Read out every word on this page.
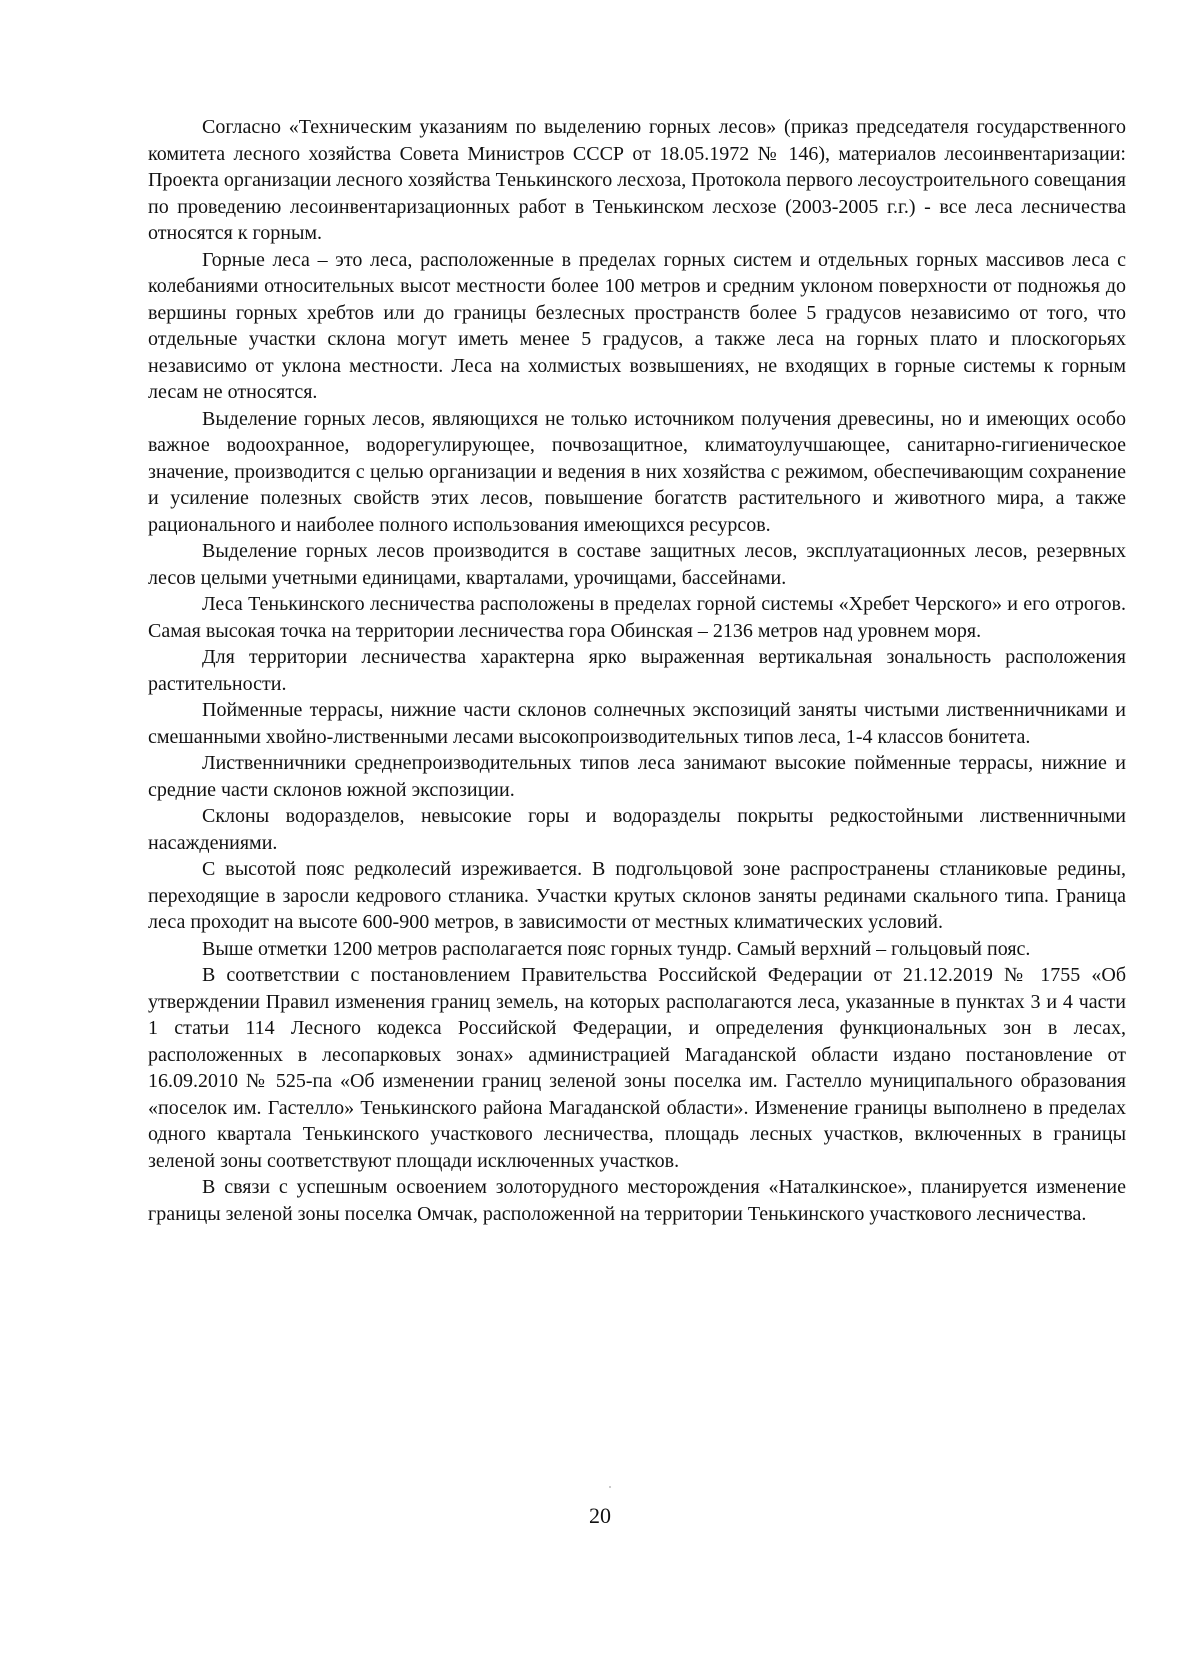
Согласно «Техническим указаниям по выделению горных лесов» (приказ председателя государственного комитета лесного хозяйства Совета Министров СССР от 18.05.1972 № 146), материалов лесоинвентаризации: Проекта организации лесного хозяйства Тенькинского лесхоза, Протокола первого лесоустроительного совещания по проведению лесоинвентаризационных работ в Тенькинском лесхозе (2003-2005 г.г.) - все леса лесничества относятся к горным.

Горные леса – это леса, расположенные в пределах горных систем и отдельных горных массивов леса с колебаниями относительных высот местности более 100 метров и средним уклоном поверхности от подножья до вершины горных хребтов или до границы безлесных пространств более 5 градусов независимо от того, что отдельные участки склона могут иметь менее 5 градусов, а также леса на горных плато и плоскогорьях независимо от уклона местности. Леса на холмистых возвышениях, не входящих в горные системы к горным лесам не относятся.

Выделение горных лесов, являющихся не только источником получения древесины, но и имеющих особо важное водоохранное, водорегулирующее, почвозащитное, климатоулучшающее, санитарно-гигиеническое значение, производится с целью организации и ведения в них хозяйства с режимом, обеспечивающим сохранение и усиление полезных свойств этих лесов, повышение богатств растительного и животного мира, а также рационального и наиболее полного использования имеющихся ресурсов.

Выделение горных лесов производится в составе защитных лесов, эксплуатационных лесов, резервных лесов целыми учетными единицами, кварталами, урочищами, бассейнами.

Леса Тенькинского лесничества расположены в пределах горной системы «Хребет Черского» и его отрогов. Самая высокая точка на территории лесничества гора Обинская – 2136 метров над уровнем моря.

Для территории лесничества характерна ярко выраженная вертикальная зональность расположения растительности.

Пойменные террасы, нижние части склонов солнечных экспозиций заняты чистыми лиственничниками и смешанными хвойно-лиственными лесами высокопроизводительных типов леса, 1-4 классов бонитета.

Лиственничники среднепроизводительных типов леса занимают высокие пойменные террасы, нижние и средние части склонов южной экспозиции.

Склоны водоразделов, невысокие горы и водоразделы покрыты редкостойными лиственничными насаждениями.

С высотой пояс редколесий изреживается. В подгольцовой зоне распространены стланиковые редины, переходящие в заросли кедрового стланика. Участки крутых склонов заняты рединами скального типа. Граница леса проходит на высоте 600-900 метров, в зависимости от местных климатических условий.

Выше отметки 1200 метров располагается пояс горных тундр. Самый верхний – гольцовый пояс.

В соответствии с постановлением Правительства Российской Федерации от 21.12.2019 № 1755 «Об утверждении Правил изменения границ земель, на которых располагаются леса, указанные в пунктах 3 и 4 части 1 статьи 114 Лесного кодекса Российской Федерации, и определения функциональных зон в лесах, расположенных в лесопарковых зонах» администрацией Магаданской области издано постановление от 16.09.2010 № 525-па «Об изменении границ зеленой зоны поселка им. Гастелло муниципального образования «поселок им. Гастелло» Тенькинского района Магаданской области». Изменение границы выполнено в пределах одного квартала Тенькинского участкового лесничества, площадь лесных участков, включенных в границы зеленой зоны соответствуют площади исключенных участков.

В связи с успешным освоением золоторудного месторождения «Наталкинское», планируется изменение границы зеленой зоны поселка Омчак, расположенной на территории Тенькинского участкового лесничества.

20
